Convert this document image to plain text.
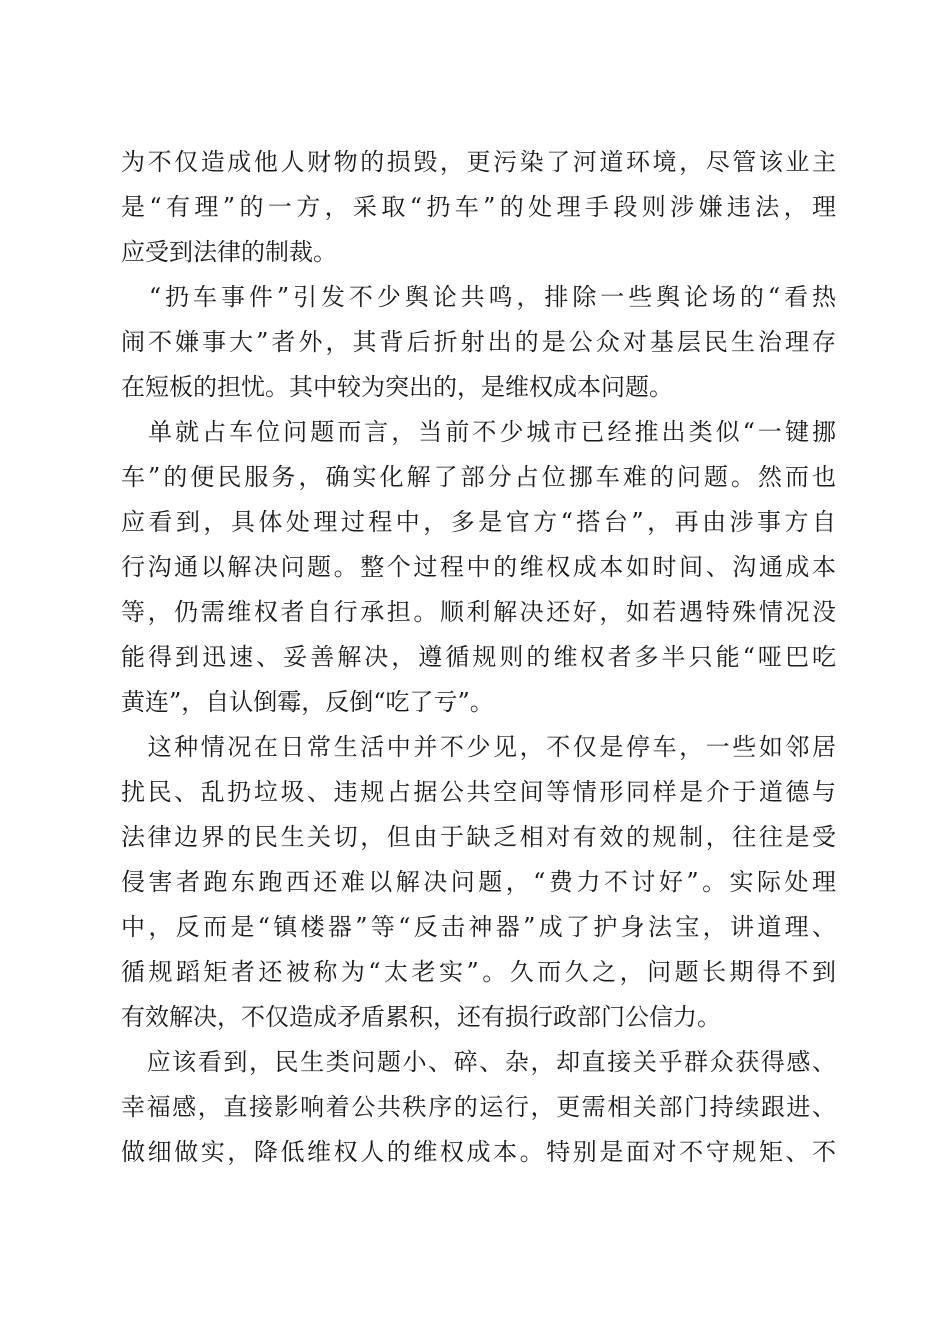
为不仅造成他人财物的损毁，更污染了河道环境，尽管该业主
是“有理”的一方，采取“扔车”的处理手段则涉嫌违法，理
应受到法律的制裁。
　“扔车事件”引发不少舆论共鸣，排除一些舆论场的“看热
闹不嫌事大”者外，其背后折射出的是公众对基层民生治理存
在短板的担忧。其中较为突出的，是维权成本问题。
　单就占车位问题而言，当前不少城市已经推出类似“一键挪
车”的便民服务，确实化解了部分占位挪车难的问题。然而也
应看到，具体处理过程中，多是官方“搭台”，再由涉事方自
行沟通以解决问题。整个过程中的维权成本如时间、沟通成本
等，仍需维权者自行承担。顺利解决还好，如若遇特殊情况没
能得到迅速、妥善解决，遵循规则的维权者多半只能“哑巴吃
黄连”，自认倒霉，反倒“吃了亏”。
　这种情况在日常生活中并不少见，不仅是停车，一些如邻居
扰民、乱扔垃圾、违规占据公共空间等情形同样是介于道德与
法律边界的民生关切，但由于缺乏相对有效的规制，往往是受
侵害者跑东跑西还难以解决问题，“费力不讨好”。实际处理
中，反而是“镇楼器”等“反击神器”成了护身法宝，讲道理、
循规蹈矩者还被称为“太老实”。久而久之，问题长期得不到
有效解决，不仅造成矛盾累积，还有损行政部门公信力。
　应该看到，民生类问题小、碎、杂，却直接关乎群众获得感、
幸福感，直接影响着公共秩序的运行，更需相关部门持续跟进、
做细做实，降低维权人的维权成本。特别是面对不守规矩、不
